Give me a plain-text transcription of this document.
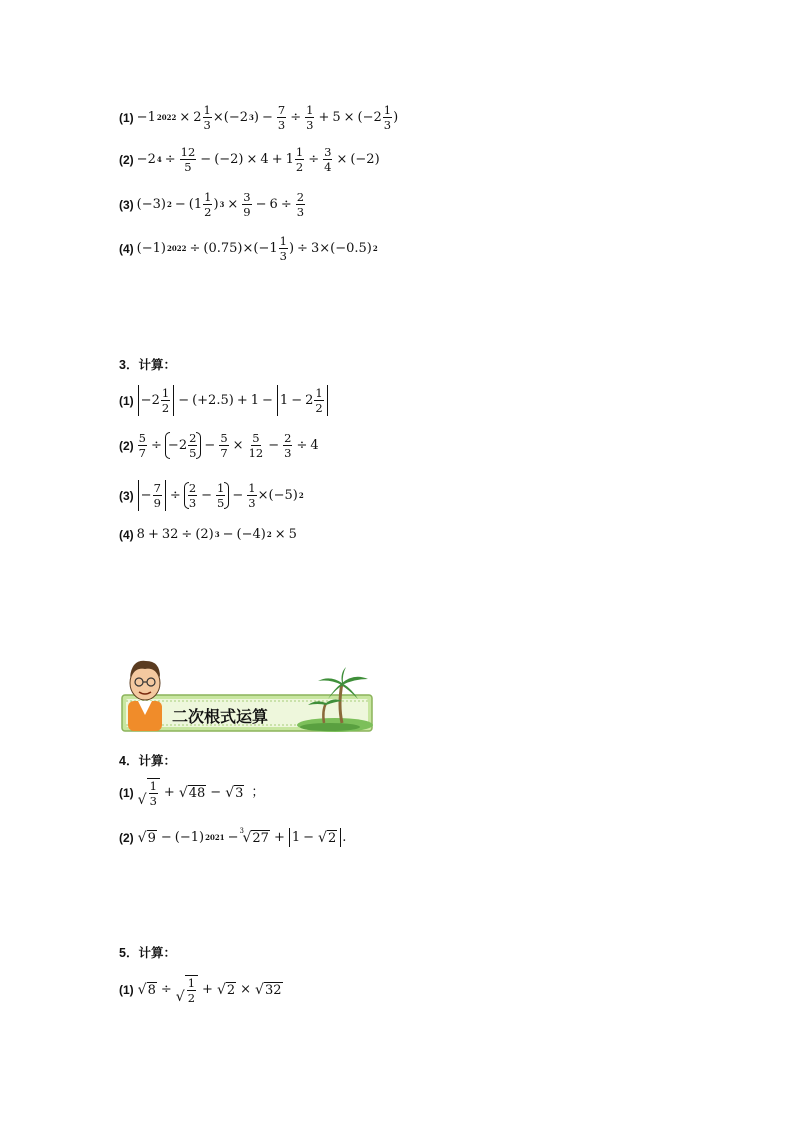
(1) − 1 $2022 \times 2 \frac{1}{3} \times (-2$ 3 ) − $\frac{7}{3} \div \frac{1}{3} + 5 \times (-2$
1
3 )
(2) − 2 $4 \div \frac{12}{5} - (-2) \times 4 + 1 \frac{1}{2} \div \frac{3}{4} \times (-2)$
(3) (−3) 2 − (1
1
2 ) $3 \times \frac{3}{9} - 6 \div \frac{2}{3}$
(4) (−1) 2022 ÷ (0.75) × (−1
1
3 ) ÷ 3 × (−0.5) 2
3．计算：
$(1) - 2 \frac{1}{2} - (+2.5) + 1 - 1 - 2 \frac{1}{2}$
$(2) \frac{5}{7}$ ÷ − $2 \frac{2}{5} - \frac{5}{7} \times \frac{5}{12} - \frac{2}{3} \div 4$
$(3) - \frac{7}{9}$ ÷
2
$3 - \frac{1}{5} - \frac{1}{3} \times (-5)$ 2
(4) 8 + 32 ÷ (2) 3 − (−4) 2 × 5
二次根式运算
4．计算：
(1) √
1
3
+ √ 48 − √ 3 ；
(2) √ 9 − (−1) 2021 − 3
√ 27 + 1 − √ 2 .
5．计算：
(1) √ 8 ÷ √
1
2
+ √ 2 × √ 32
